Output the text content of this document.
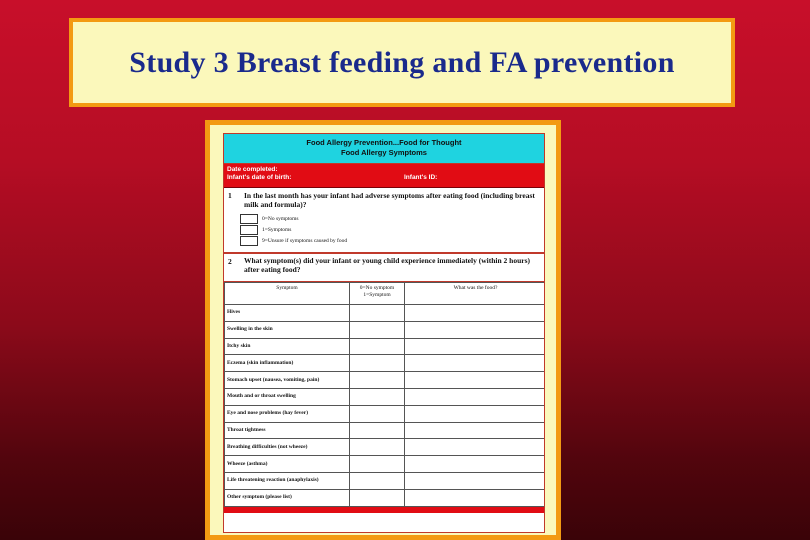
Study 3 Breast feeding and FA prevention
Food Allergy Prevention...Food for Thought
Food Allergy Symptoms
Date completed:
Infant's date of birth:	Infant's ID:
1 In the last month has your infant had adverse symptoms after eating food (including breast milk and formula)?
0=No symptoms
1=Symptoms
9=Unsure if symptoms caused by food
2 What symptom(s) did your infant or young child experience immediately (within 2 hours) after eating food?
Symptom	0=No symptom 1=Symptom	What was the food?
Hives		
Swelling in the skin		
Itchy skin		
Eczema (skin inflammation)		
Stomach upset (nausea, vomiting, pain)		
Mouth and or throat swelling		
Eye and nose problems (hay fever)		
Throat tightness		
Breathing difficulties (not wheeze)		
Wheeze (asthma)		
Life threatening reaction (anaphylaxis)		
Other symptom (please list)		
